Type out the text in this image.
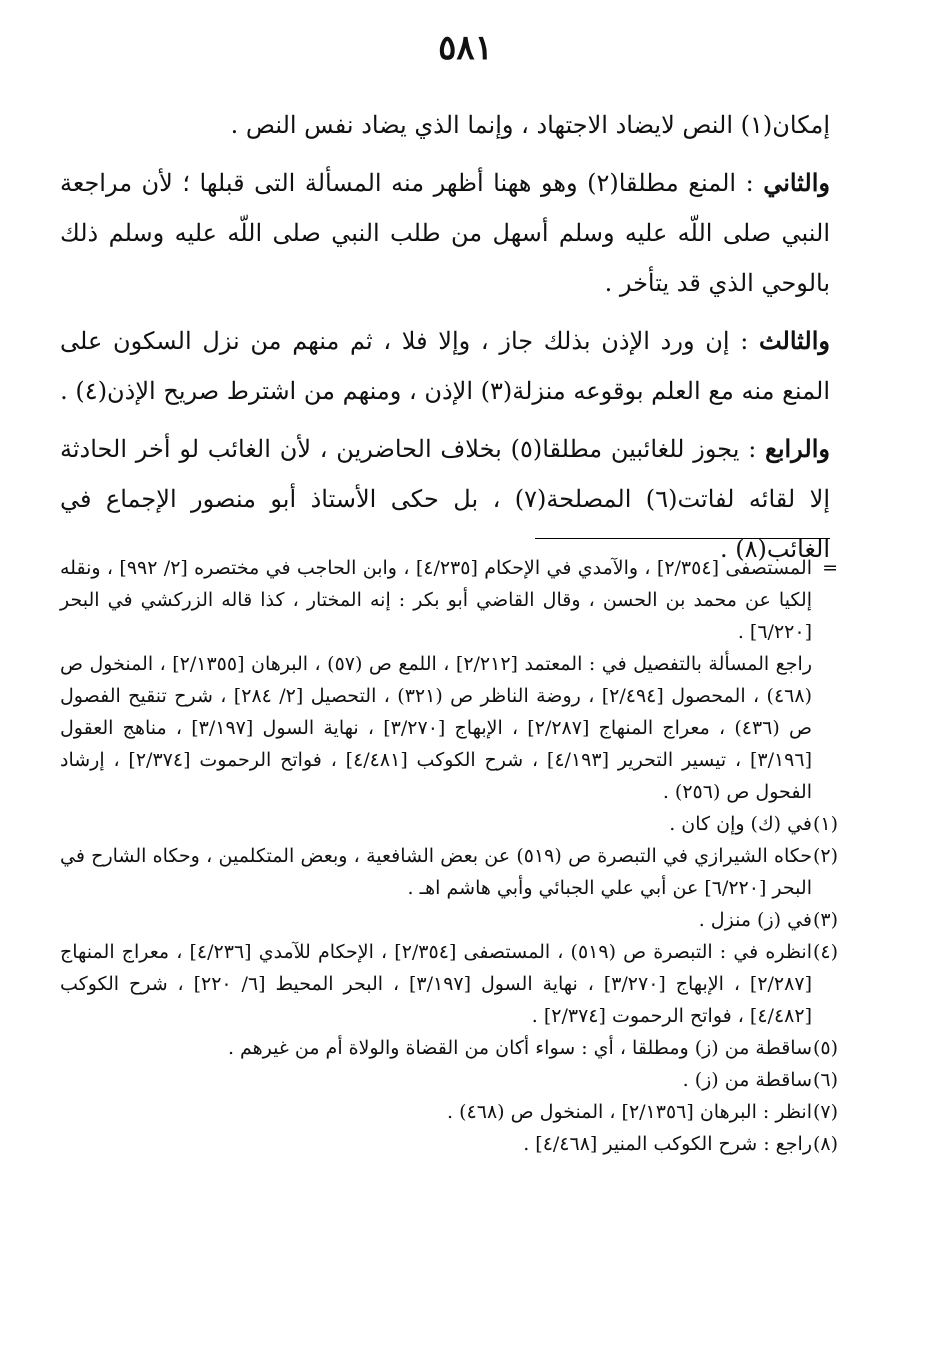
٥٨١

إمكان(١) النص لايضاد الاجتهاد ، وإنما الذي يضاد نفس النص .

والثاني : المنع مطلقا(٢) وهو ههنا أظهر منه المسألة التى قبلها ؛ لأن مراجعة النبي صلى اللّه عليه وسلم أسهل من طلب النبي صلى اللّه عليه وسلم ذلك بالوحي الذي قد يتأخر .

والثالث : إن ورد الإذن بذلك جاز ، وإلا فلا ، ثم منهم من نزل السكون على المنع منه مع العلم بوقوعه منزلة(٣) الإذن ، ومنهم من اشترط صريح الإذن(٤) .

والرابع : يجوز للغائبين مطلقا(٥) بخلاف الحاضرين ، لأن الغائب لو أخر الحادثة إلا لقائه لفاتت(٦) المصلحة(٧) ، بل حكى الأستاذ أبو منصور الإجماع في الغائب(٨) .

=
المستصفى [٢/٣٥٤] ، والآمدي في الإحكام [٤/٢٣٥] ، وابن الحاجب في مختصره [٢/ ٩٩٢] ، ونقله إلكيا عن محمد بن الحسن ، وقال القاضي أبو بكر : إنه المختار ، كذا قاله الزركشي في البحر [٦/٢٢٠] .

راجع المسألة بالتفصيل في : المعتمد [٢/٢١٢] ، اللمع ص (٥٧) ، البرهان [٢/١٣٥٥] ، المنخول ص (٤٦٨) ، المحصول [٢/٤٩٤] ، روضة الناظر ص (٣٢١) ، التحصيل [٢/ ٢٨٤] ، شرح تنقيح الفصول ص (٤٣٦) ، معراج المنهاج [٢/٢٨٧] ، الإبهاج [٣/٢٧٠] ، نهاية السول [٣/١٩٧] ، مناهج العقول [٣/١٩٦] ، تيسير التحرير [٤/١٩٣] ، شرح الكوكب [٤/٤٨١] ، فواتح الرحموت [٢/٣٧٤] ، إرشاد الفحول ص (٢٥٦) .

(١)
في (ك) وإن كان .

(٢)
حكاه الشيرازي في التبصرة ص (٥١٩) عن بعض الشافعية ، وبعض المتكلمين ، وحكاه الشارح في البحر [٦/٢٢٠] عن أبي علي الجبائي وأبي هاشم اهـ .

(٣)
في (ز) منزل .

(٤)
انظره في : التبصرة ص (٥١٩) ، المستصفى [٢/٣٥٤] ، الإحكام للآمدي [٤/٢٣٦] ، معراج المنهاج [٢/٢٨٧] ، الإبهاج [٣/٢٧٠] ، نهاية السول [٣/١٩٧] ، البحر المحيط [٦/ ٢٢٠] ، شرح الكوكب [٤/٤٨٢] ، فواتح الرحموت [٢/٣٧٤] .

(٥)
ساقطة من (ز) ومطلقا ، أي : سواء أكان من القضاة والولاة أم من غيرهم .

(٦)
ساقطة من (ز) .

(٧)
انظر : البرهان [٢/١٣٥٦] ، المنخول ص (٤٦٨) .

(٨)
راجع : شرح الكوكب المنير [٤/٤٦٨] .
